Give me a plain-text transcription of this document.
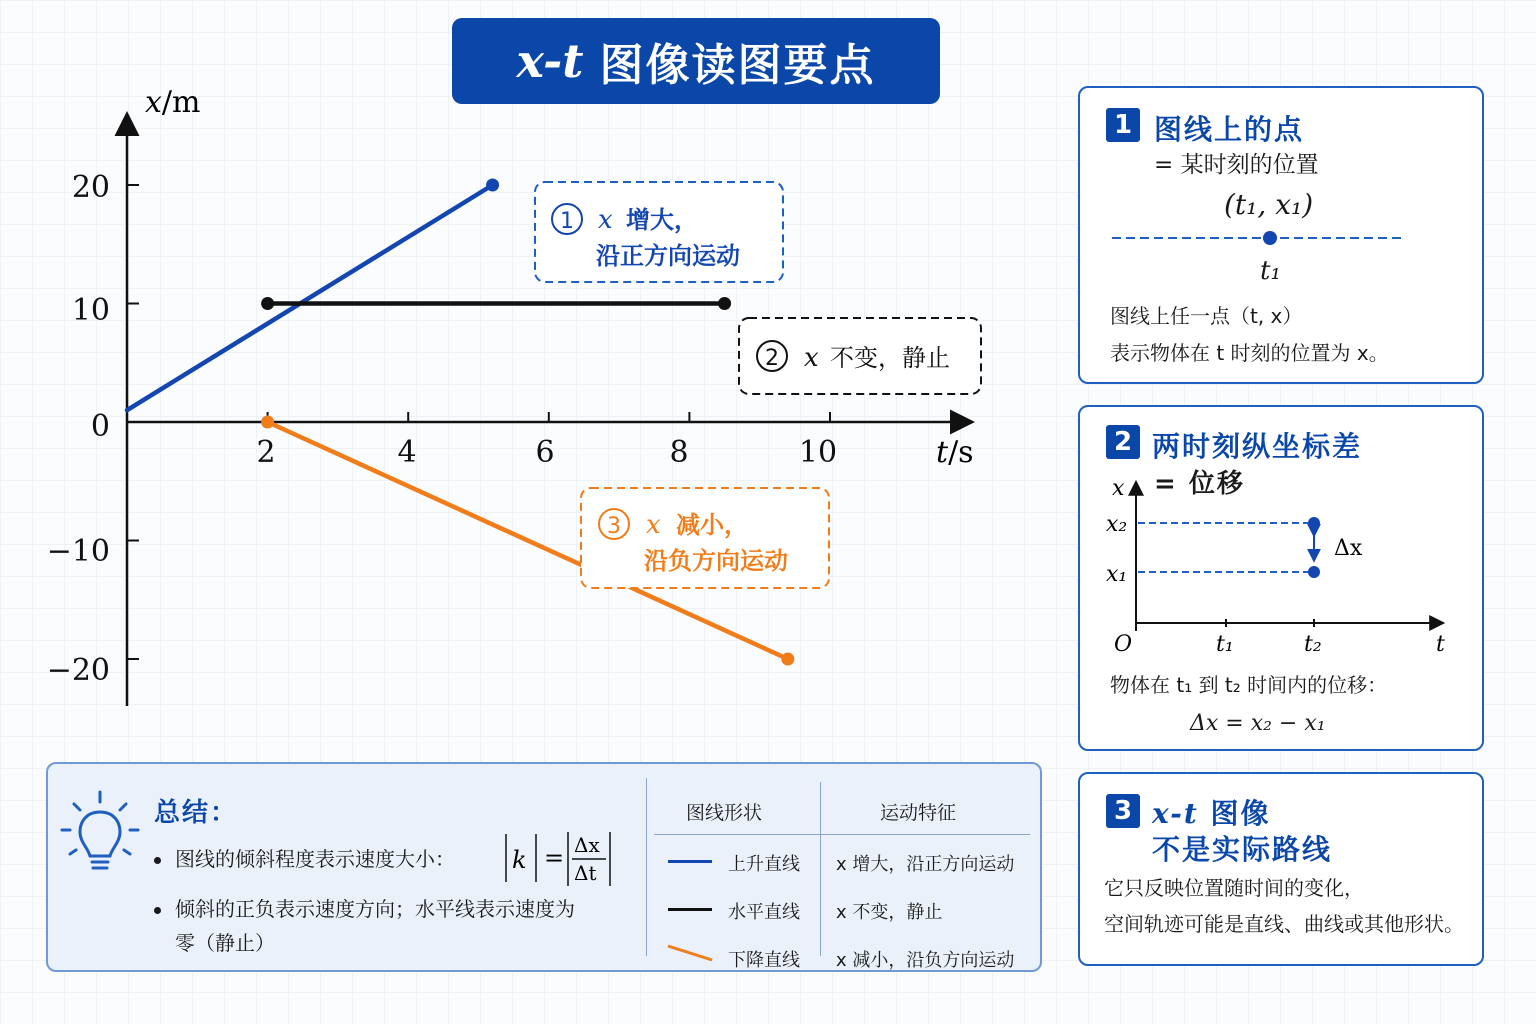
x-t 图像读图要点
x/m
t/s
20
10
0
−10
−20
2	4	6	8	10
1 x 增大，
沿正方向运动
2 x 不变，静止
3 x 减小，
沿负方向运动
1 图线上的点
= 某时刻的位置
(t₁, x₁)
t₁
图线上任一点（t, x）
表示物体在 t 时刻的位置为 x。
2 两时刻纵坐标差
= 位移
x
x₂
x₁
O	t₁	t₂	t
Δx
物体在 t₁ 到 t₂ 时间内的位移：
Δx = x₂ − x₁
3 x-t 图像
不是实际路线
它只反映位置随时间的变化，
空间轨迹可能是直线、曲线或其他形状。
总结：
图线的倾斜程度表示速度大小： k = Δx
Δt
倾斜的正负表示速度方向；水平线表示速度为
零（静止）
图线形状	运动特征
上升直线 x 增大，沿正方向运动
水平直线 x 不变，静止
下降直线 x 减小，沿负方向运动
